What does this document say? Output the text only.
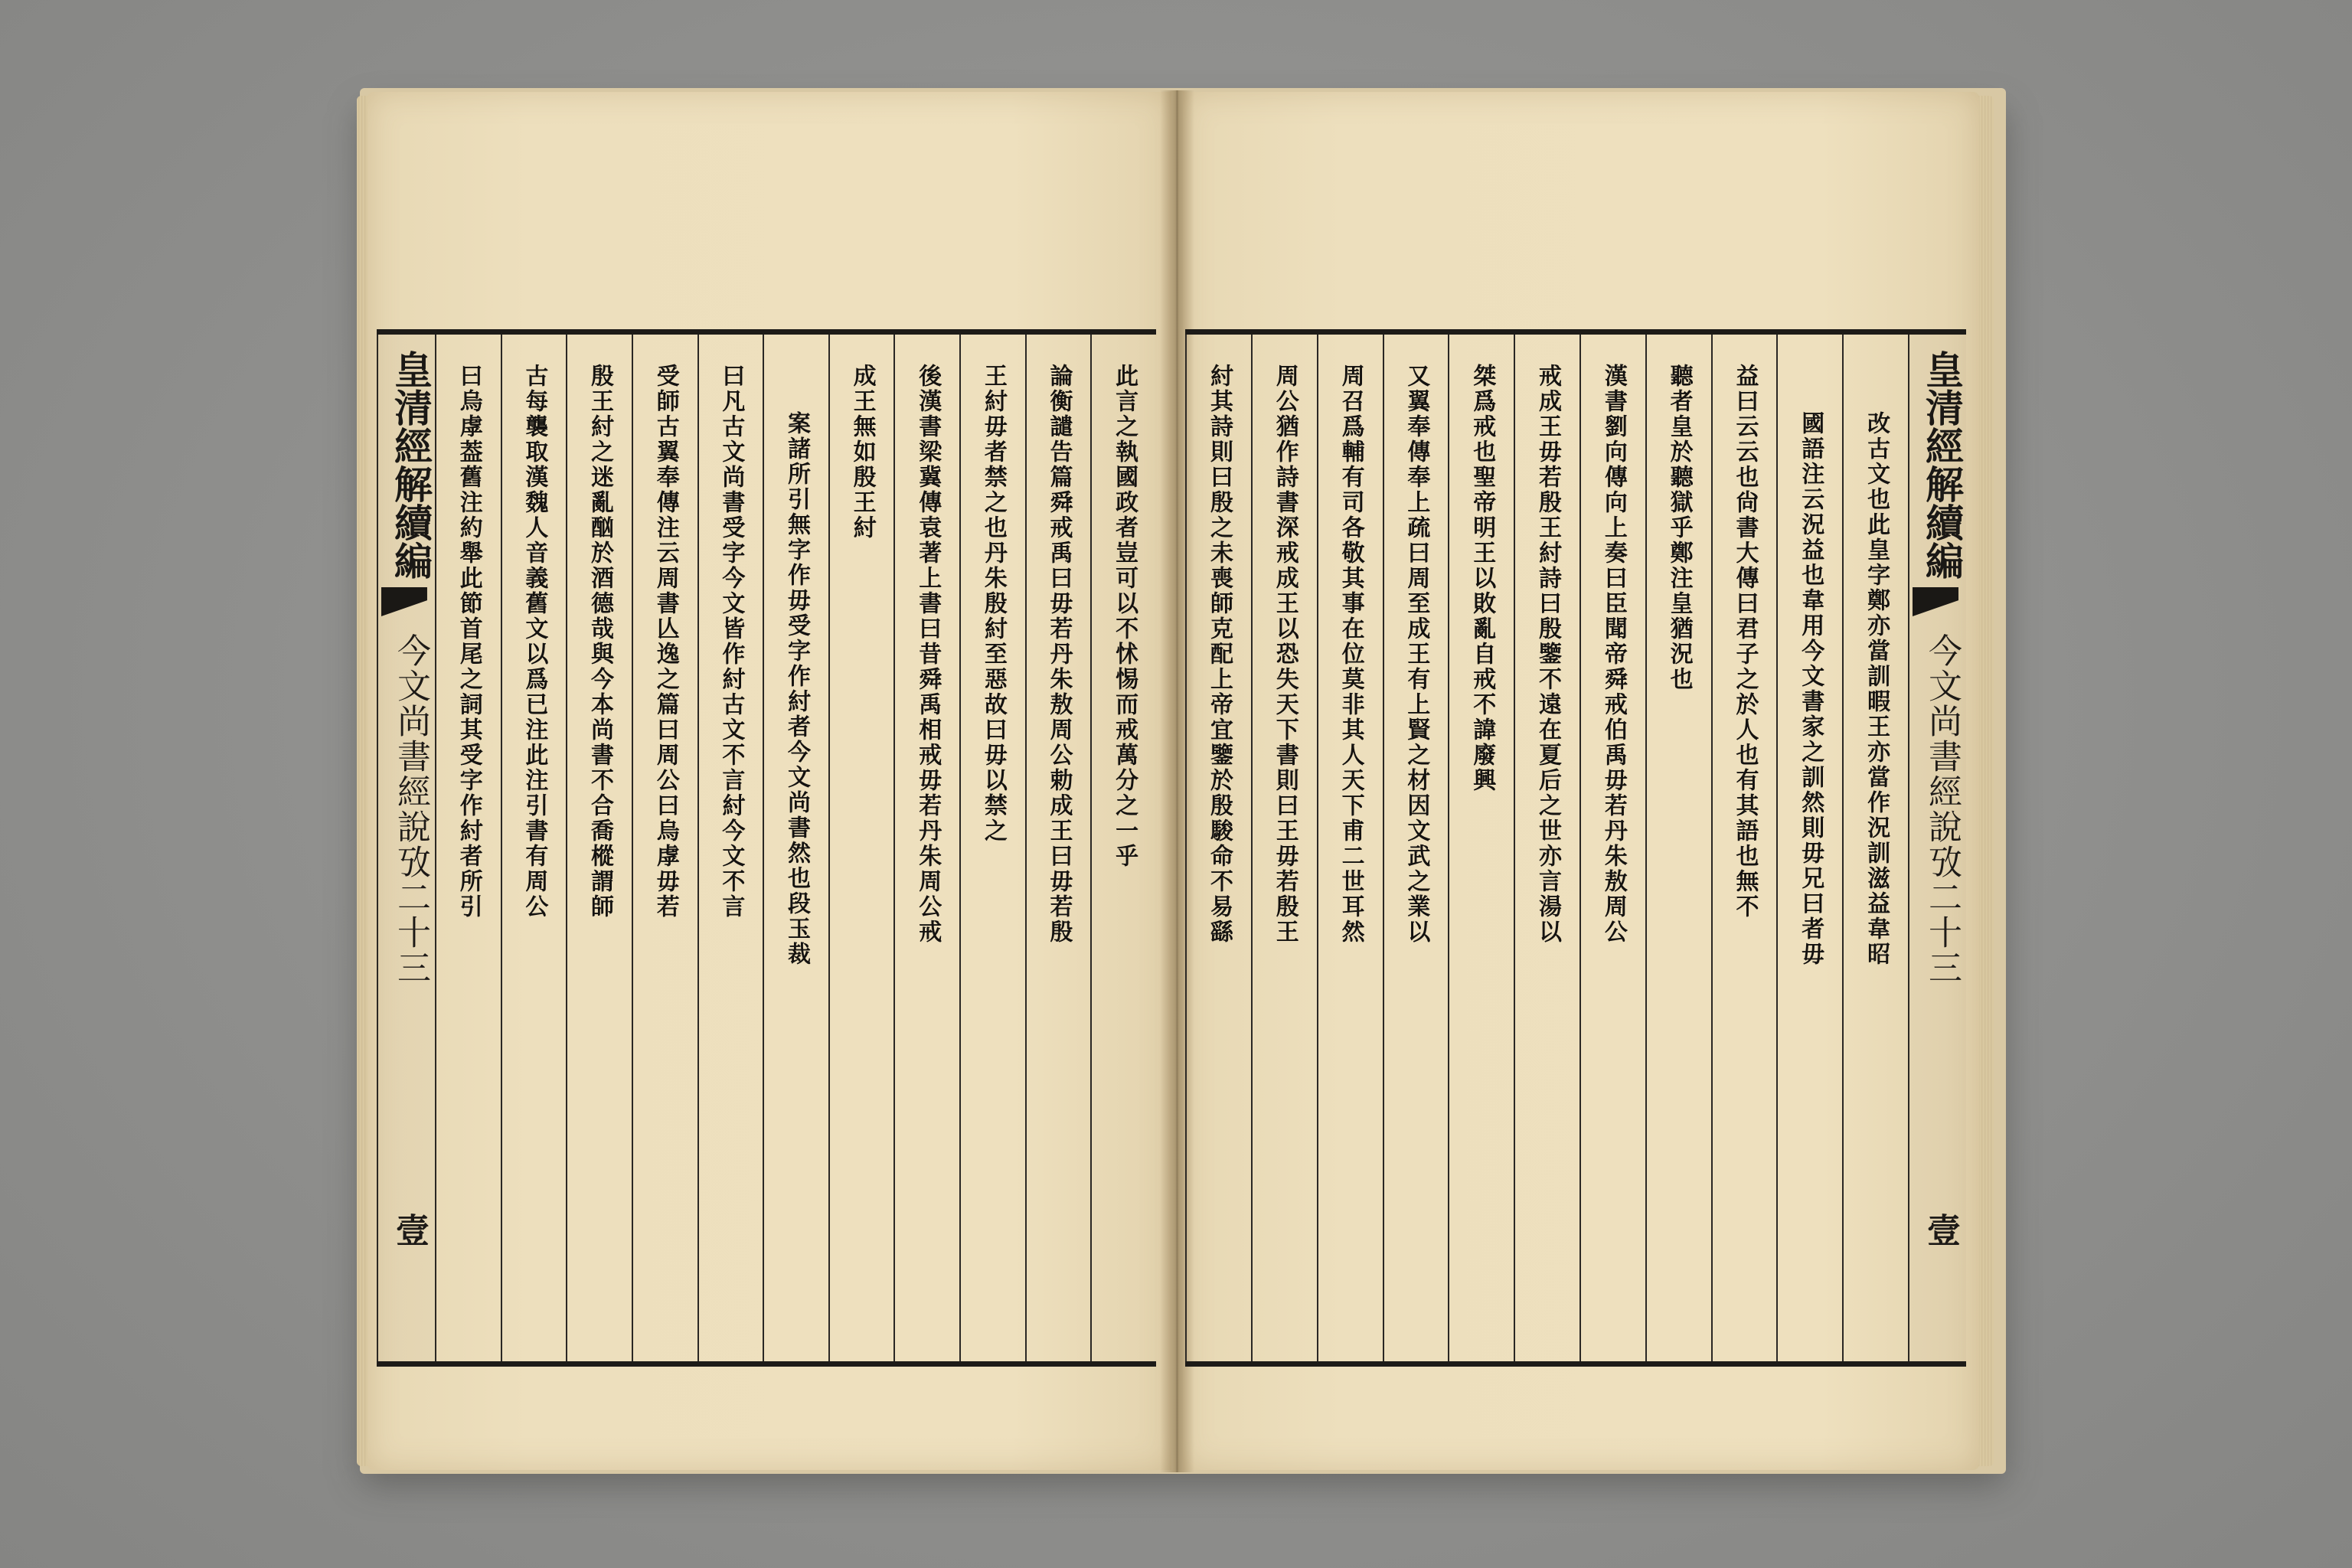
此言之執國政者豈可以不怵惕而戒萬分之一乎
論衡譴告篇舜戒禹曰毋若丹朱敖周公勅成王曰毋若殷
王紂毋者禁之也丹朱殷紂至惡故曰毋以禁之
後漢書梁冀傳袁著上書曰昔舜禹相戒毋若丹朱周公戒
成王無如殷王紂
案諸所引無字作毋受字作紂者今文尚書然也段玉裁
曰凡古文尚書受字今文皆作紂古文不言紂今文不言
受師古翼奉傳注云周書亾逸之篇曰周公曰烏虖毋若
殷王紂之迷亂酗於酒德哉與今本尚書不合喬樅謂師
古每襲取漢魏人音義舊文以爲已注此注引書有周公
曰烏虖葢舊注約舉此節首尾之詞其受字作紂者所引
皇清經解續編
今文尚書經說攷二十三
壹
皇清經解續編
今文尚書經說攷二十三
壹
改古文也此皇字鄭亦當訓暇王亦當作況訓滋益韋昭
國語注云況益也韋用今文書家之訓然則毋兄曰者毋
益曰云云也尙書大傳曰君子之於人也有其語也無不
聽者皇於聽獄乎鄭注皇猶況也
漢書劉向傳向上奏曰臣聞帝舜戒伯禹毋若丹朱敖周公
戒成王毋若殷王紂詩曰殷鑒不遠在夏后之世亦言湯以
桀爲戒也聖帝明王以敗亂自戒不諱廢興
又翼奉傳奉上疏曰周至成王有上賢之材因文武之業以
周召爲輔有司各敬其事在位莫非其人天下甫二世耳然
周公猶作詩書深戒成王以恐失天下書則曰王毋若殷王
紂其詩則曰殷之未喪師克配上帝宜鑒於殷駿命不易繇
